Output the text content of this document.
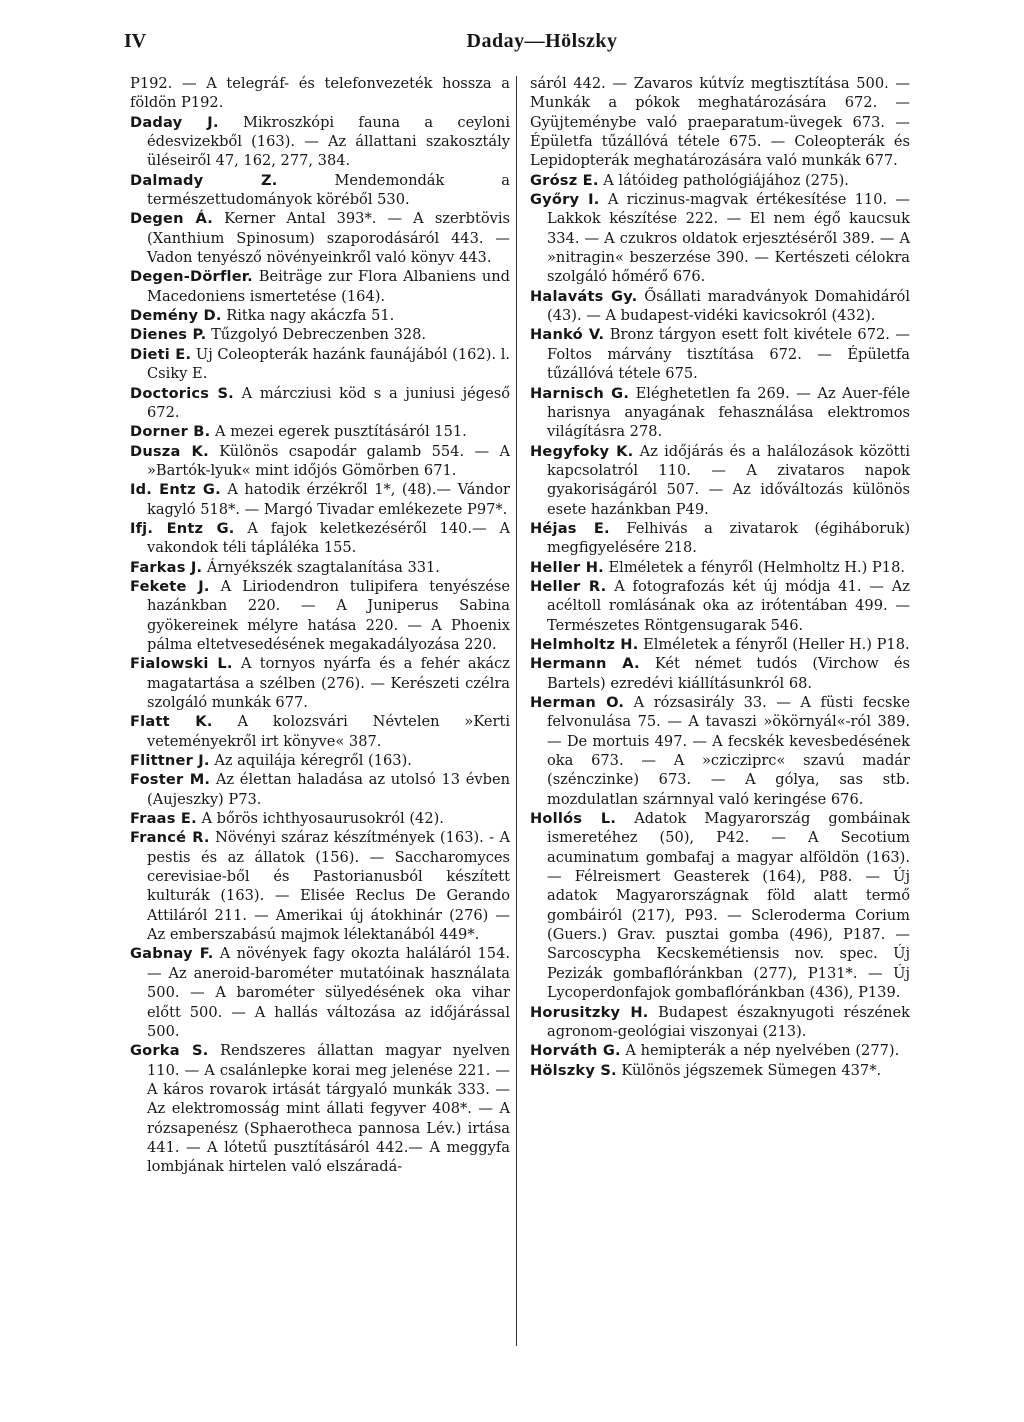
IV	Daday—Hölszky

P192. — A telegráf- és telefonvezeték hossza a földön P192.

Daday J. Mikroszkópi fauna a ceyloni édesvizekből (163). — Az állattani szakosztály üléseiről 47, 162, 277, 384.

Dalmady Z.	Mendemondák a természettudományok köréből 530.

Degen Á. Kerner Antal 393*. — A szerbtövis (Xanthium Spinosum) szaporodásáról 443. — Vadon tenyésző növényeinkről való könyv 443.

Degen-Dörfler. Beiträge zur Flora Albaniens und Macedoniens ismertetése (164).

Demény D. Ritka nagy akáczfa 51.

Dienes P. Tűzgolyó Debreczenben 328.

Dieti E. Uj Coleopterák hazánk faunájából (162). l. Csiky E.

Doctorics S. A márcziusi köd s a juniusi jégeső 672.

Dorner B. A mezei egerek pusztításáról 151.

Dusza K. Különös csapodár galamb 554. — A »Bartók-lyuk« mint időjós Gömörben 671.

Id. Entz G. A hatodik érzékről 1*, (48).— Vándor kagyló 518*. — Margó Tivadar emlékezete P97*.

Ifj. Entz G. A fajok keletkezéséről 140.— A vakondok téli tápláléka 155.

Farkas J. Árnyékszék szagtalanítása 331.

Fekete J. A Liriodendron tulipifera tenyészése hazánkban 220. — A Juniperus Sabina gyökereinek mélyre hatása 220. — A Phoenix pálma eltetvesedésének megakadályozása 220.

Fialowski L. A tornyos nyárfa és a fehér akácz magatartása a szélben (276). — Kerészeti czélra szolgáló munkák 677.

Flatt K. A kolozsvári Névtelen »Kerti veteményekről irt könyve« 387.

Flittner J. Az aquilája kéregről (163).

Foster M. Az élettan haladása az utolsó 13 évben (Aujeszky) P73.

Fraas E. A bőrös ichthyosaurusokról (42).

Francé R. Növényi száraz készítmények (163). - A pestis és az állatok (156). — Saccharomyces cerevisiae-ből és Pastorianusból készített kulturák (163). — Elisée Reclus De Gerando Attiláról 211. — Amerikai új átokhinár (276) — Az emberszabású majmok lélektanából 449*.

Gabnay F. A növények fagy okozta haláláról 154. — Az aneroid-barométer mutatóinak használata 500. — A barométer sülyedésének oka vihar előtt 500. — A hallás változása az időjárással 500.

Gorka S. Rendszeres állattan magyar nyelven 110. — A csalánlepke korai meg jelenése 221. — A káros rovarok irtását tárgyaló munkák 333. — Az elektromosság mint állati fegyver 408*. — A rózsapenész (Sphaerotheca pannosa Lév.) irtása 441. — A lótetű pusztításáról 442.— A meggyfa lombjának hirtelen való elszáradá-

sáról 442. — Zavaros kútvíz megtisztítása 500. — Munkák a pókok meghatározására 672. — Gyüjteménybe való praeparatum-üvegek 673. — Épületfa tűzállóvá tétele 675. — Coleopterák és Lepidopterák meghatározására való munkák 677.

Grósz E. A látóideg pathológiájához (275).

Győry I. A riczinus-magvak értékesítése 110. — Lakkok készítése 222. — El nem égő kaucsuk 334. — A czukros oldatok erjesztéséről 389. — A »nitragin« beszerzése 390. — Kertészeti célokra szolgáló hőmérő 676.

Halaváts Gy. Ősállati maradványok Domahidáról (43). — A budapest-vidéki kavicsokról (432).

Hankó V. Bronz tárgyon esett folt kivétele 672. — Foltos márvány tisztítása 672. — Épületfa tűzállóvá tétele 675.

Harnisch G. Eléghetetlen fa 269. — Az Auer-féle harisnya anyagának fehasználása elektromos világításra 278.

Hegyfoky K. Az időjárás és a halálozások közötti kapcsolatról 110. — A zivataros napok gyakoriságáról 507. — Az időváltozás különös esete hazánkban P49.

Héjas E. Felhivás a zivatarok (égiháboruk) megfigyelésére 218.

Heller H. Elméletek a fényről (Helmholtz H.) P18.

Heller R. A fotografozás két új módja 41. — Az acéltoll romlásának oka az irótentában 499. — Természetes Röntgensugarak 546.

Helmholtz H. Elméletek a fényről (Heller H.) P18.

Hermann A. Két német tudós (Virchow és Bartels) ezredévi kiállításunkról 68.

Herman O. A rózsasirály 33. — A füsti fecske felvonulása 75. — A tavaszi »ökörnyál«-ról 389. — De mortuis 497. — A fecskék kevesbedésének oka 673. — A »czicziprc« szavú madár (szénczinke) 673. — A gólya, sas stb. mozdulatlan szárnnyal való keringése 676.

Hollós L. Adatok Magyarország gombáinak ismeretéhez (50), P42. — A Secotium acuminatum gombafaj a magyar alföldön (163). — Félreismert Geasterek (164), P88. — Új adatok Magyarországnak föld alatt termő gombáiról (217), P93. — Scleroderma Corium (Guers.) Grav. pusztai gomba (496), P187. — Sarcoscypha Kecskemétiensis nov. spec. Új Pezizák gombaflóránkban (277), P131*. — Új Lycoperdonfajok gombaflóránkban (436), P139.

Horusitzky H. Budapest északnyugoti részének agronom-geológiai viszonyai (213).

Horváth G. A hemipterák a nép nyelvében (277).

Hölszky S. Különös jégszemek Sümegen 437*.
